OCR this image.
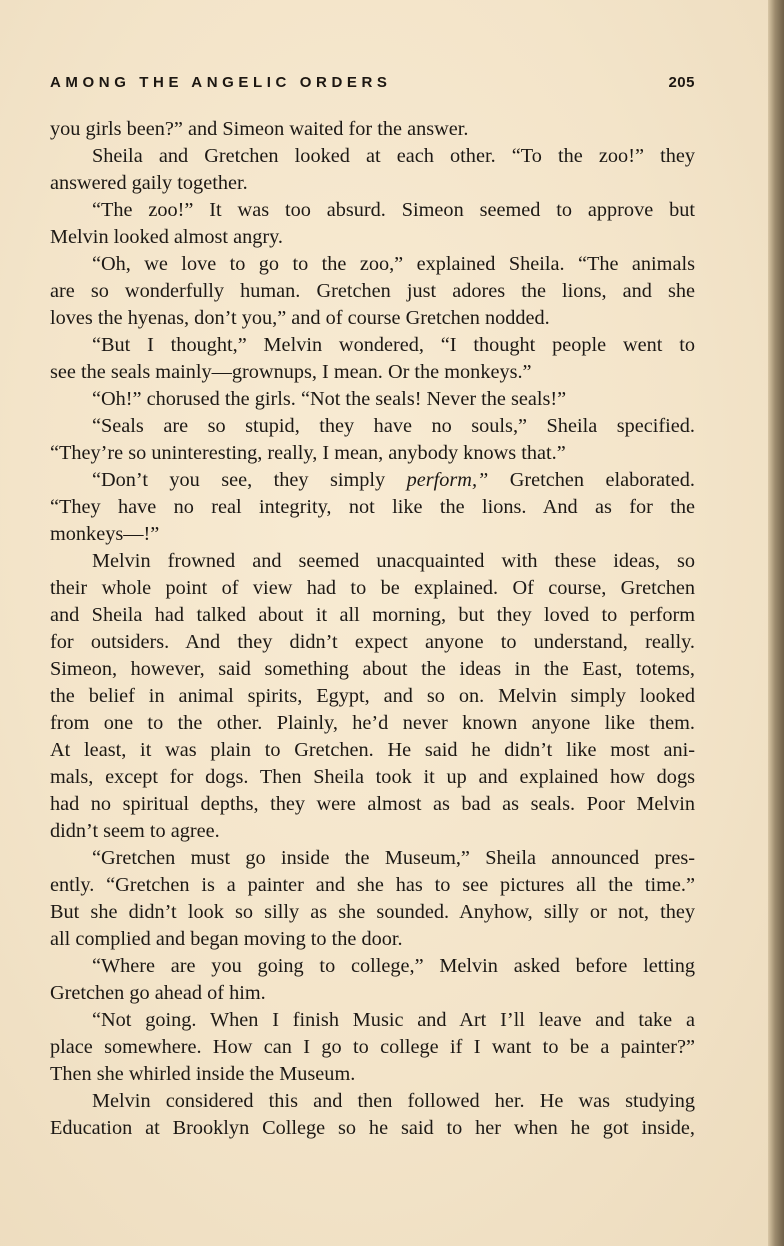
AMONG THE ANGELIC ORDERS	205
you girls been?” and Simeon waited for the answer.
Sheila and Gretchen looked at each other. “To the zoo!” they
answered gaily together.
“The zoo!” It was too absurd. Simeon seemed to approve but
Melvin looked almost angry.
“Oh, we love to go to the zoo,” explained Sheila. “The animals
are so wonderfully human. Gretchen just adores the lions, and she
loves the hyenas, don’t you,” and of course Gretchen nodded.
“But I thought,” Melvin wondered, “I thought people went to
see the seals mainly—grownups, I mean. Or the monkeys.”
“Oh!” chorused the girls. “Not the seals! Never the seals!”
“Seals are so stupid, they have no souls,” Sheila specified.
“They’re so uninteresting, really, I mean, anybody knows that.”
“Don’t you see, they simply perform,” Gretchen elaborated.
“They have no real integrity, not like the lions. And as for the
monkeys—!”
Melvin frowned and seemed unacquainted with these ideas, so
their whole point of view had to be explained. Of course, Gretchen
and Sheila had talked about it all morning, but they loved to perform
for outsiders. And they didn’t expect anyone to understand, really.
Simeon, however, said something about the ideas in the East, totems,
the belief in animal spirits, Egypt, and so on. Melvin simply looked
from one to the other. Plainly, he’d never known anyone like them.
At least, it was plain to Gretchen. He said he didn’t like most ani-
mals, except for dogs. Then Sheila took it up and explained how dogs
had no spiritual depths, they were almost as bad as seals. Poor Melvin
didn’t seem to agree.
“Gretchen must go inside the Museum,” Sheila announced pres-
ently. “Gretchen is a painter and she has to see pictures all the time.”
But she didn’t look so silly as she sounded. Anyhow, silly or not, they
all complied and began moving to the door.
“Where are you going to college,” Melvin asked before letting
Gretchen go ahead of him.
“Not going. When I finish Music and Art I’ll leave and take a
place somewhere. How can I go to college if I want to be a painter?”
Then she whirled inside the Museum.
Melvin considered this and then followed her. He was studying
Education at Brooklyn College so he said to her when he got inside,
